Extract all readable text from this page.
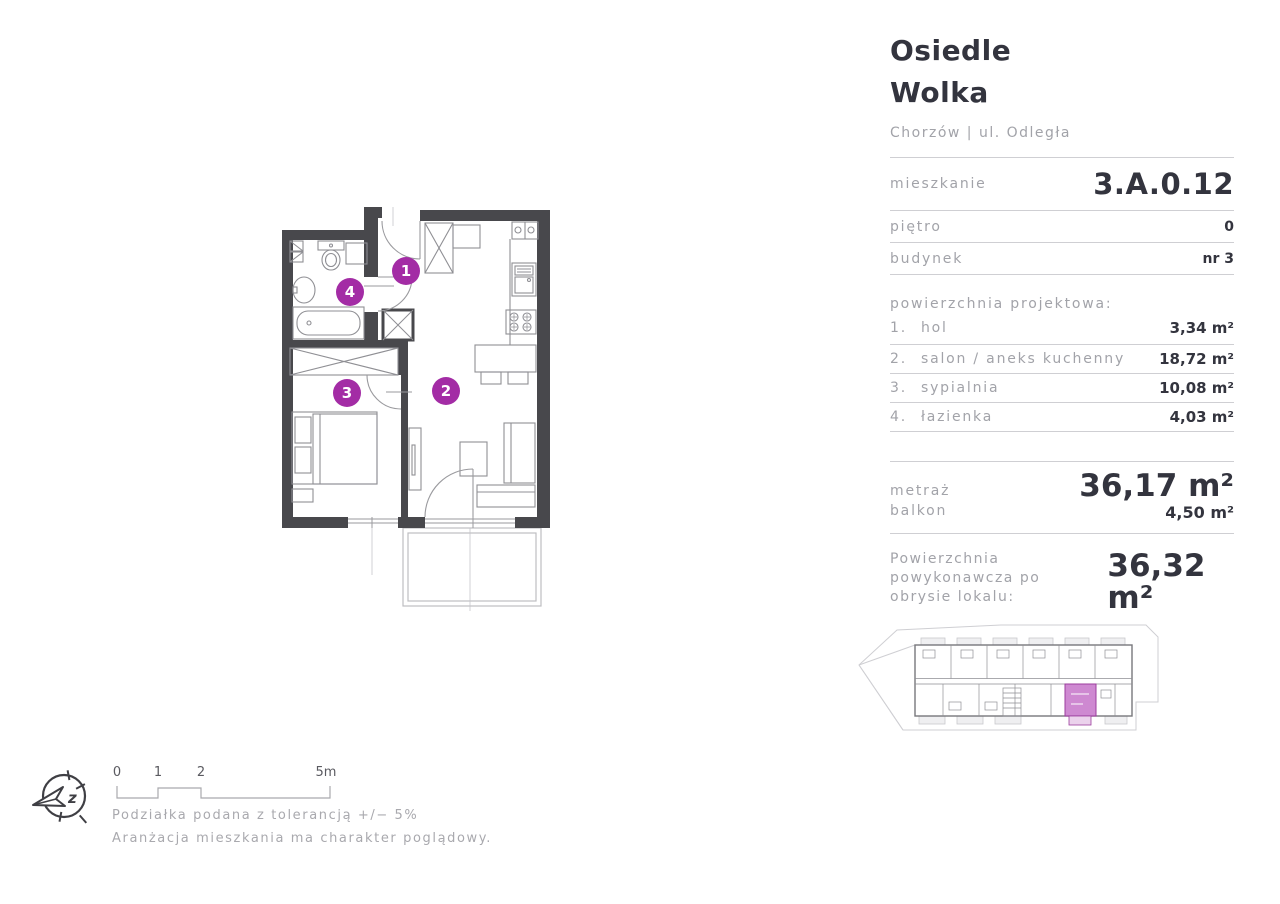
1
2
3
4
Osiedle
Wolka
Chorzów | ul. Odległa
mieszkanie	3.A.0.12
piętro	0
budynek	nr 3
powierzchnia projektowa:
1. hol	3,34 m²
2. salon / aneks kuchenny 18,72 m²
3. sypialnia	10,08 m²
4. łazienka	4,03 m²
metraż	36,17 m²
balkon	4,50 m²
Powierzchnia powykonawcza po
obrysie lokalu:
36,32 m²
z
0	1	2	5m
Podziałka podana z tolerancją +/− 5%
Aranżacja mieszkania ma charakter poglądowy.
